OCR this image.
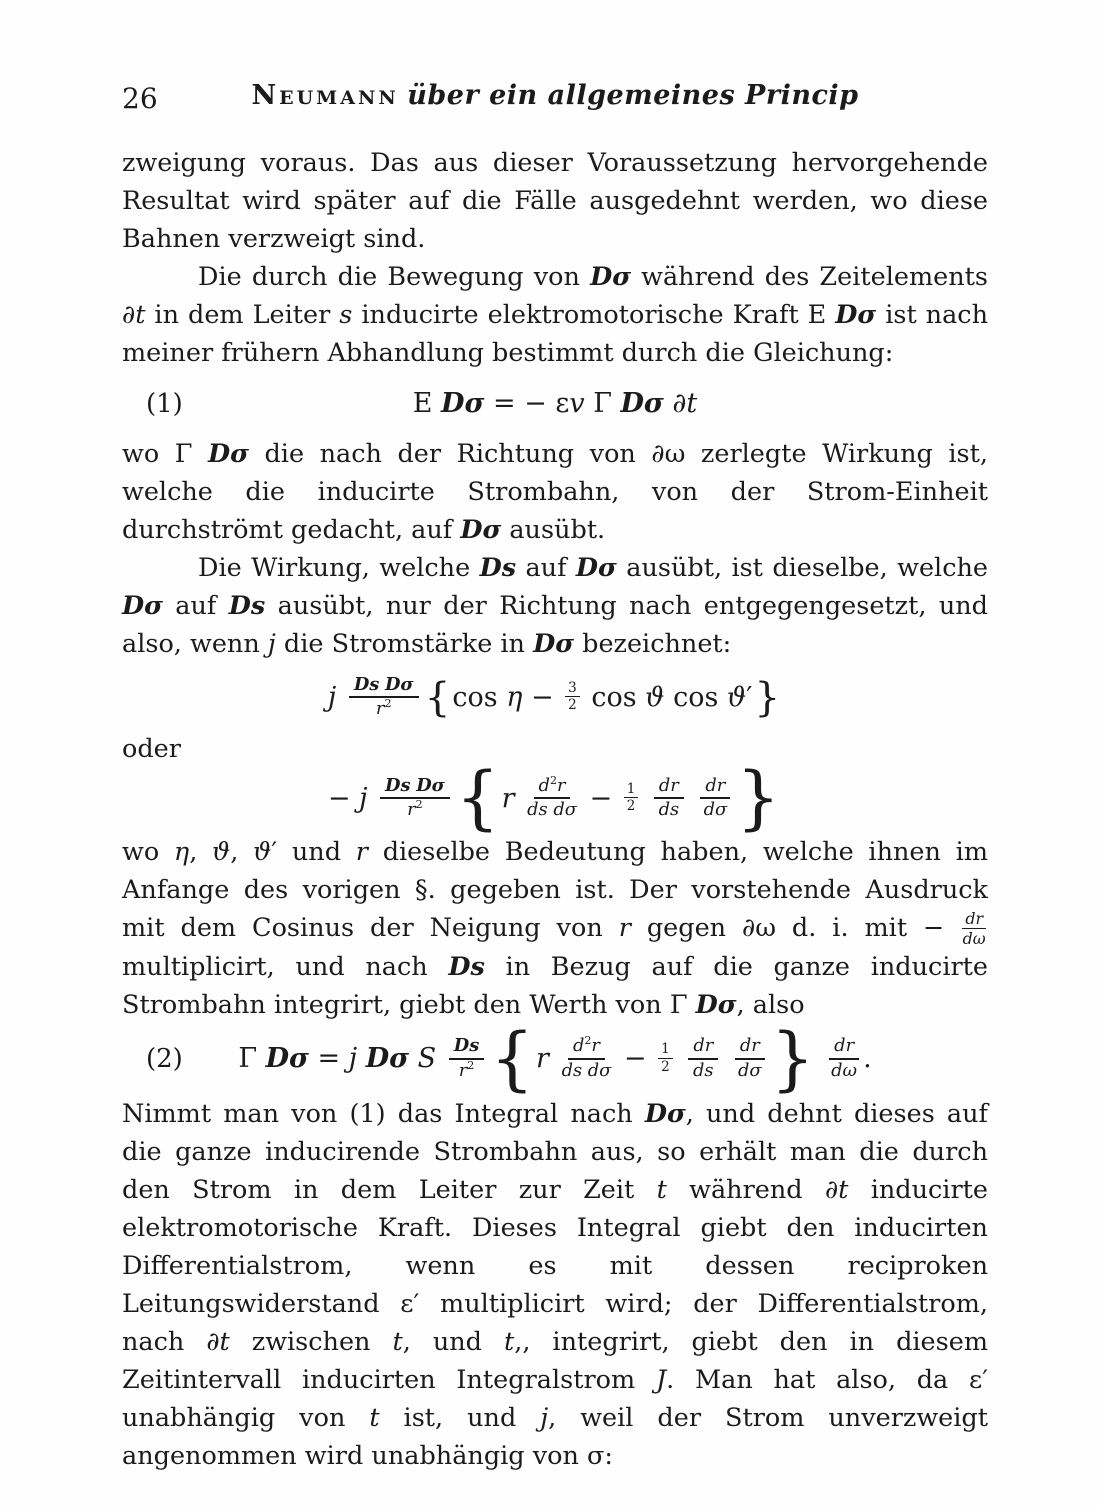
26	Neumann über ein allgemeines Princip

zweigung voraus. Das aus dieser Voraussetzung hervorgehende Resultat wird später auf die Fälle ausgedehnt werden, wo diese Bahnen verzweigt sind.

Die durch die Bewegung von Dσ während des Zeitelements ∂t in dem Leiter s inducirte elektromotorische Kraft E Dσ ist nach meiner frühern Abhandlung bestimmt durch die Gleichung:

(1)	E Dσ = − εv Γ Dσ ∂t

wo Γ Dσ die nach der Richtung von ∂ω zerlegte Wirkung ist, welche die inducirte Strombahn, von der Strom-Einheit durchströmt gedacht, auf Dσ ausübt.

Die Wirkung, welche Ds auf Dσ ausübt, ist dieselbe, welche Dσ auf Ds ausübt, nur der Richtung nach entgegengesetzt, und also, wenn j die Stromstärke in Dσ bezeichnet:

j $\frac{\text{Ds Dσ}}{r^2}$ { $\cos \eta - \frac{3}{2}$ cos ϑ cos ϑ′ }

oder

− j $\frac{\text{Ds Dσ}}{r^2}$ { r $\frac{d^2r}{\text{ds dσ}} - \frac{1}{2}$
$\frac{dr}{ds}$
$\frac{dr}{d\sigma}$ }

wo η, ϑ, ϑ′ und r dieselbe Bedeutung haben, welche ihnen im Anfange des vorigen §. gegeben ist. Der vorstehende Ausdruck mit dem Cosinus der Neigung von r gegen ∂ω d. i. mit − $\frac{dr}{d\omega}$
multiplicirt, und nach Ds in Bezug auf die ganze inducirte Strombahn integrirt, giebt den Werth von Γ Dσ, also

(2) Γ Dσ = j Dσ S $\frac{Ds}{r^2}$ { r $\frac{d^2r}{\text{ds dσ}} - \frac{1}{2}$
$\frac{dr}{ds}$
$\frac{dr}{d\sigma}$ }
$\frac{dr}{d\omega}$ .

Nimmt man von (1) das Integral nach Dσ, und dehnt dieses auf die ganze inducirende Strombahn aus, so erhält man die durch den Strom in dem Leiter zur Zeit t während ∂t inducirte elektromotorische Kraft. Dieses Integral giebt den inducirten Differentialstrom, wenn es mit dessen reciproken Leitungswiderstand ε′ multiplicirt wird; der Differentialstrom, nach ∂t zwischen t, und t,, integrirt, giebt den in diesem Zeitintervall inducirten Integralstrom J. Man hat also, da ε′ unabhängig von t ist, und j, weil der Strom unverzweigt angenommen wird unabhängig von σ:
